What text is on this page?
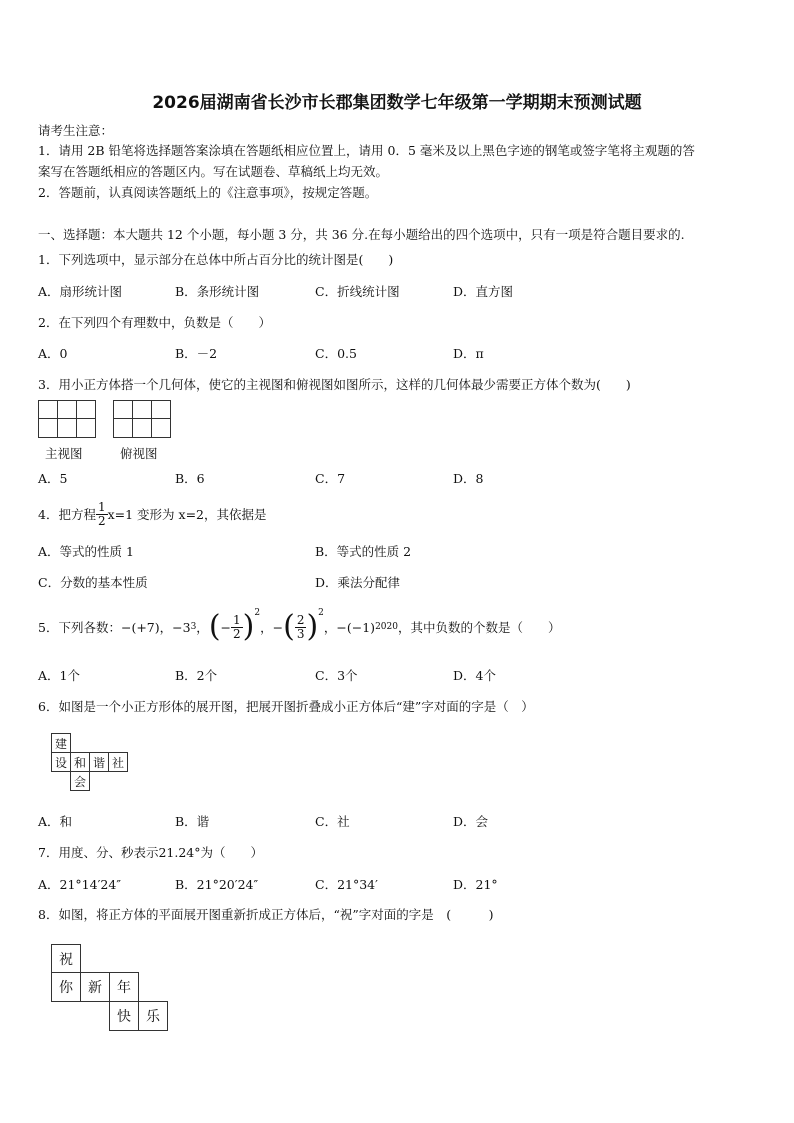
2026届湖南省长沙市长郡集团数学七年级第一学期期末预测试题
请考生注意：
1．请用 2B 铅笔将选择题答案涂填在答题纸相应位置上，请用 0．5 毫米及以上黑色字迹的钢笔或签字笔将主观题的答
案写在答题纸相应的答题区内。写在试题卷、草稿纸上均无效。
2．答题前，认真阅读答题纸上的《注意事项》，按规定答题。
一、选择题：本大题共 12 个小题，每小题 3 分，共 36 分.在每小题给出的四个选项中，只有一项是符合题目要求的.
1．下列选项中，显示部分在总体中所占百分比的统计图是(　　)
A．扇形统计图	B．条形统计图	C．折线统计图	D．直方图
2．在下列四个有理数中，负数是（　　）
A．0	B．－2	C．0.5	D．π
3．用小正方体搭一个几何体，使它的主视图和俯视图如图所示，这样的几何体最少需要正方体个数为(　　)
主视图	俯视图
A．5	B．6	C．7	D．8
4．把方程 $\frac{1}{2} x=1$ 变形为 x=2，其依据是
A．等式的性质 1	B．等式的性质 2
C．分数的基本性质	D．乘法分配律
5．下列各数： −(+7)，−3 3 ， ( − $\frac{1}{2} )^2$
，− ( $\frac{2}{3} )^2$
，−(−1) 2020 ，其中负数的个数是（　　）
A．1个	B．2个	C．3个	D．4个
6．如图是一个小正方形体的展开图，把展开图折叠成小正方体后“建”字对面的字是（　）
建
设 和 谐 社
会
A．和	B．谐	C．社	D．会
7．用度、分、秒表示21.24°为（　　）
A．21°14′24″	B．21°20′24″	C．21°34′	D．21°
8．如图，将正方体的平面展开图重新折成正方体后，“祝”字对面的字是　(　　　)
祝
你	新	年
快	乐
